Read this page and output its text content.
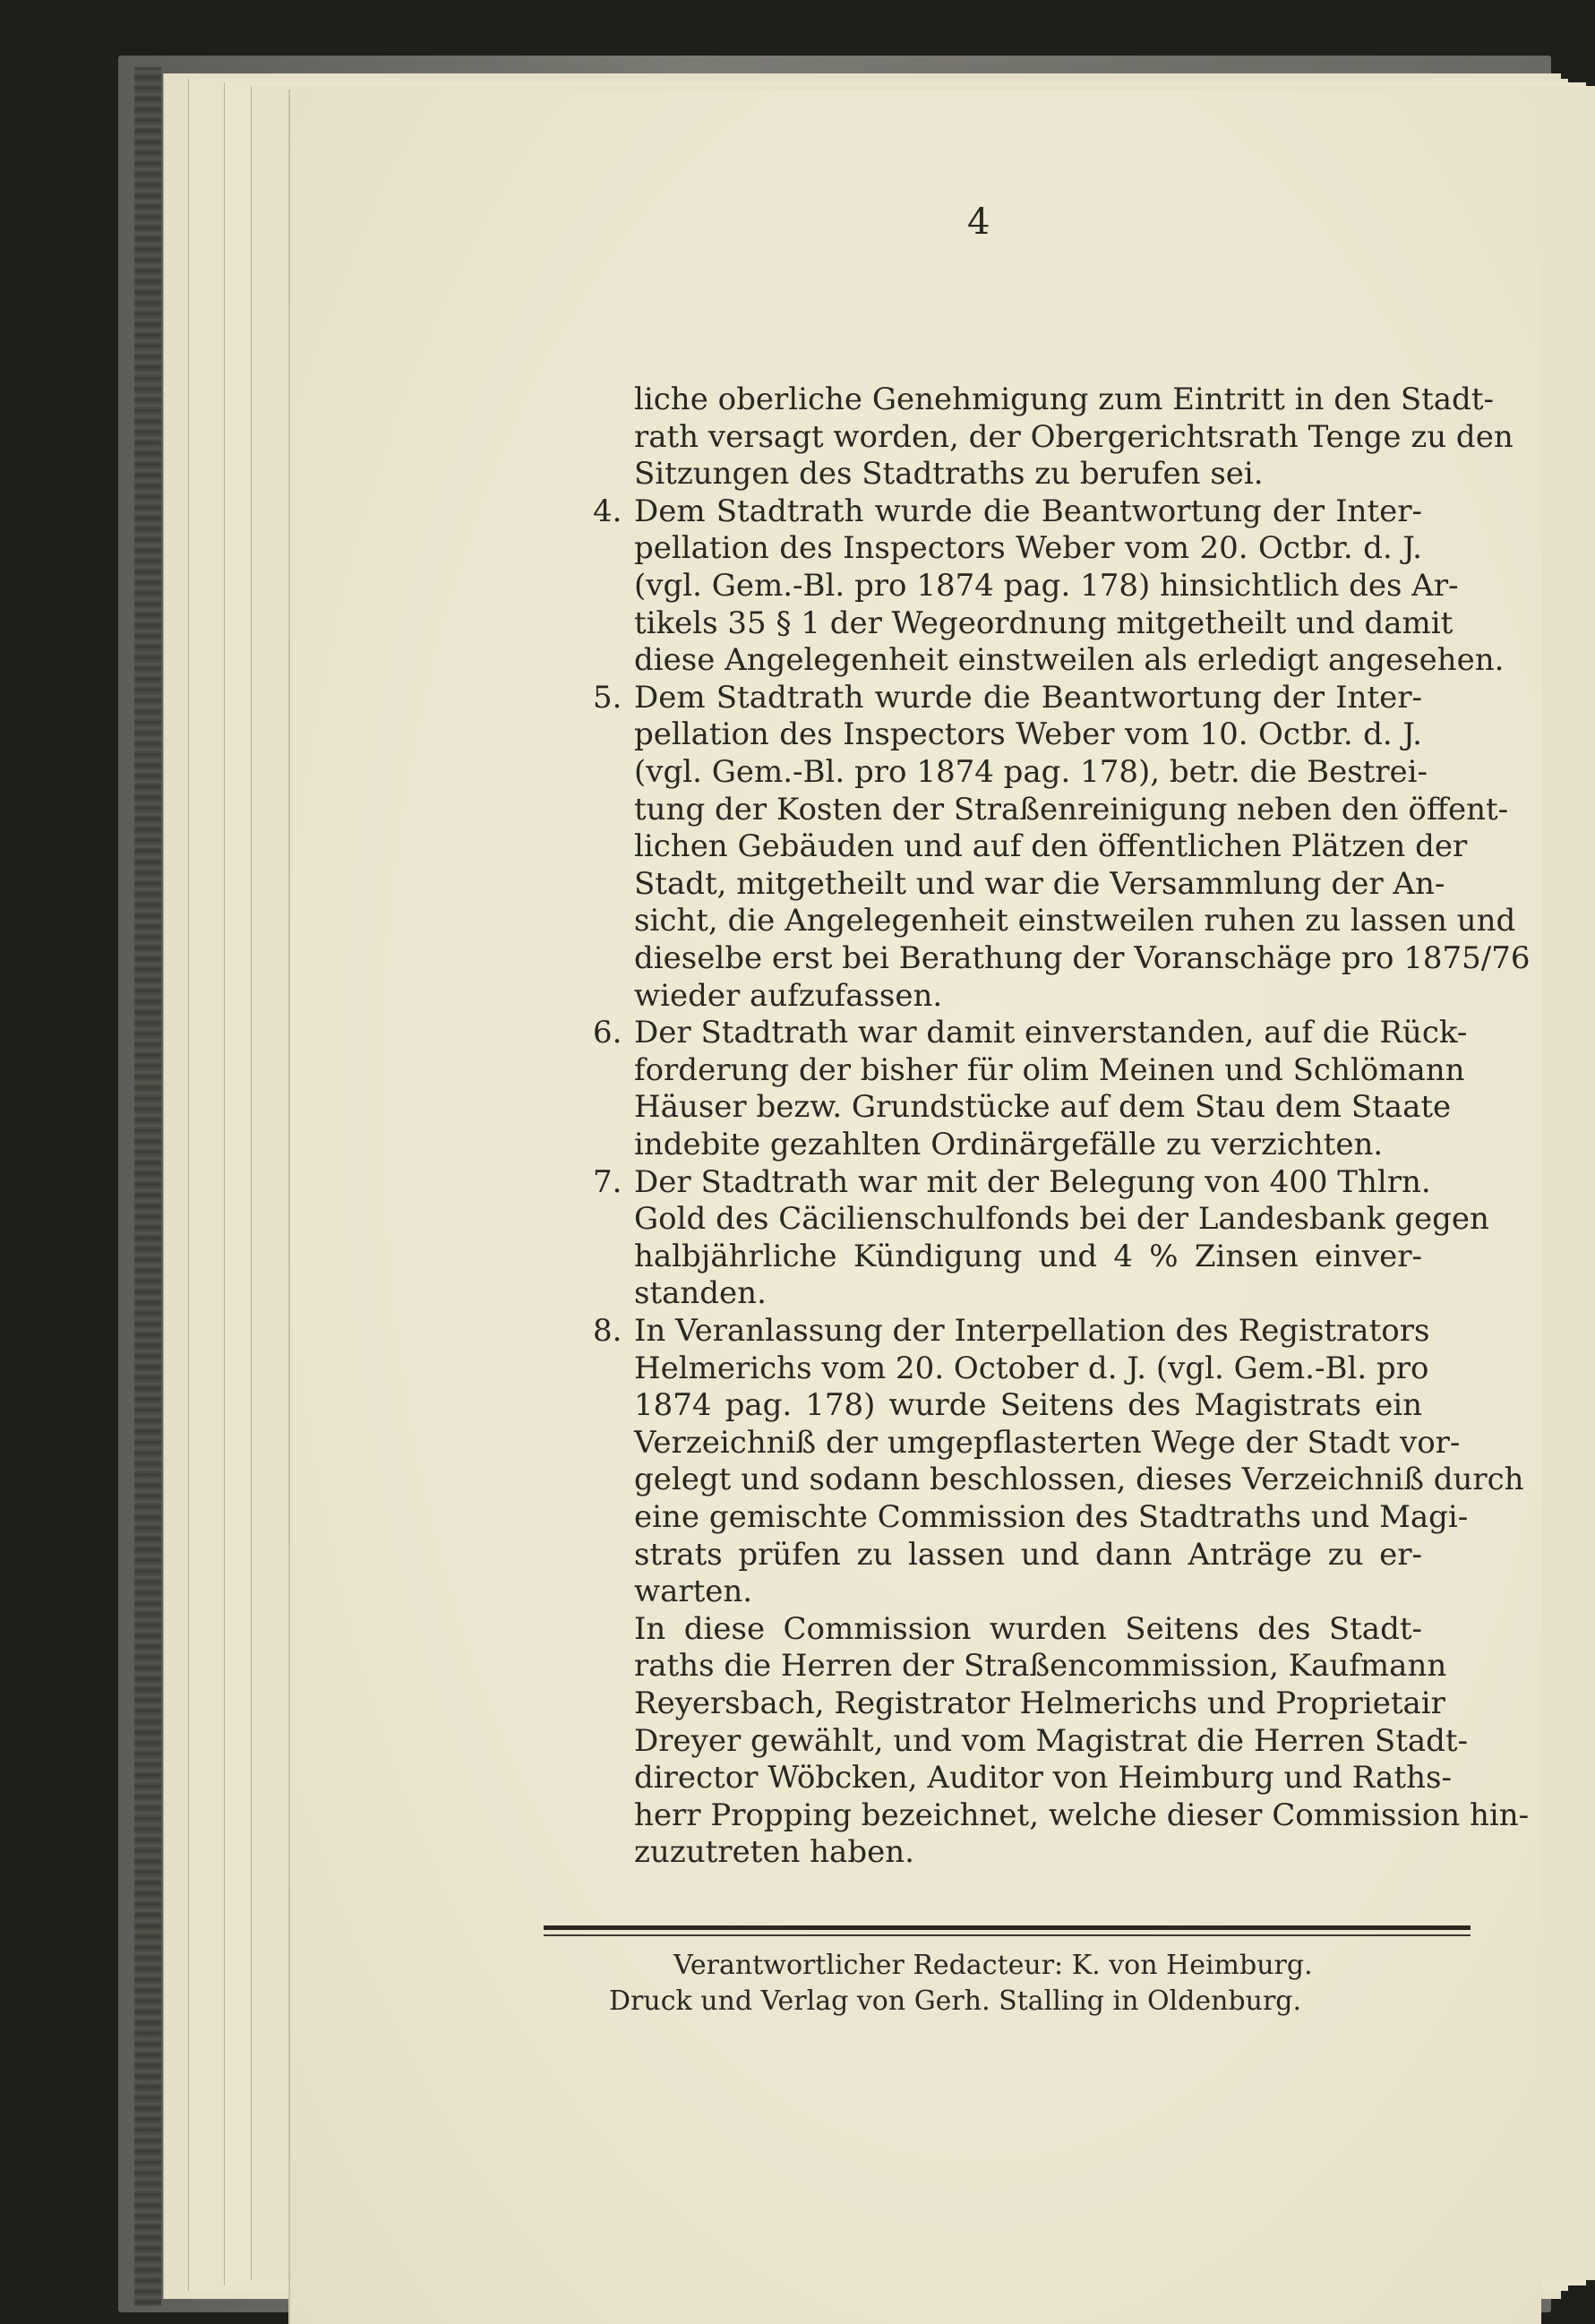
4
liche oberliche Genehmigung zum Eintritt in den Stadt-
rath versagt worden, der Obergerichtsrath Tenge zu den
Sitzungen des Stadtraths zu berufen sei.
4. Dem Stadtrath wurde die Beantwortung der Inter-
pellation des Inspectors Weber vom 20. Octbr. d. J.
(vgl. Gem.-Bl. pro 1874 pag. 178) hinsichtlich des Ar-
tikels 35 § 1 der Wegeordnung mitgetheilt und damit
diese Angelegenheit einstweilen als erledigt angesehen.
5. Dem Stadtrath wurde die Beantwortung der Inter-
pellation des Inspectors Weber vom 10. Octbr. d. J.
(vgl. Gem.-Bl. pro 1874 pag. 178), betr. die Bestrei-
tung der Kosten der Straßenreinigung neben den öffent-
lichen Gebäuden und auf den öffentlichen Plätzen der
Stadt, mitgetheilt und war die Versammlung der An-
sicht, die Angelegenheit einstweilen ruhen zu lassen und
dieselbe erst bei Berathung der Voranschäge pro 1875/76
wieder aufzufassen.
6. Der Stadtrath war damit einverstanden, auf die Rück-
forderung der bisher für olim Meinen und Schlömann
Häuser bezw. Grundstücke auf dem Stau dem Staate
indebite gezahlten Ordinärgefälle zu verzichten.
7. Der Stadtrath war mit der Belegung von 400 Thlrn.
Gold des Cäcilienschulfonds bei der Landesbank gegen
halbjährliche Kündigung und 4 % Zinsen einver-
standen.
8. In Veranlassung der Interpellation des Registrators
Helmerichs vom 20. October d. J. (vgl. Gem.-Bl. pro
1874 pag. 178) wurde Seitens des Magistrats ein
Verzeichniß der umgepflasterten Wege der Stadt vor-
gelegt und sodann beschlossen, dieses Verzeichniß durch
eine gemischte Commission des Stadtraths und Magi-
strats prüfen zu lassen und dann Anträge zu er-
warten.
In diese Commission wurden Seitens des Stadt-
raths die Herren der Straßencommission, Kaufmann
Reyersbach, Registrator Helmerichs und Proprietair
Dreyer gewählt, und vom Magistrat die Herren Stadt-
director Wöbcken, Auditor von Heimburg und Raths-
herr Propping bezeichnet, welche dieser Commission hin-
zuzutreten haben.
Verantwortlicher Redacteur: K. von Heimburg.
Druck und Verlag von Gerh. Stalling in Oldenburg.
